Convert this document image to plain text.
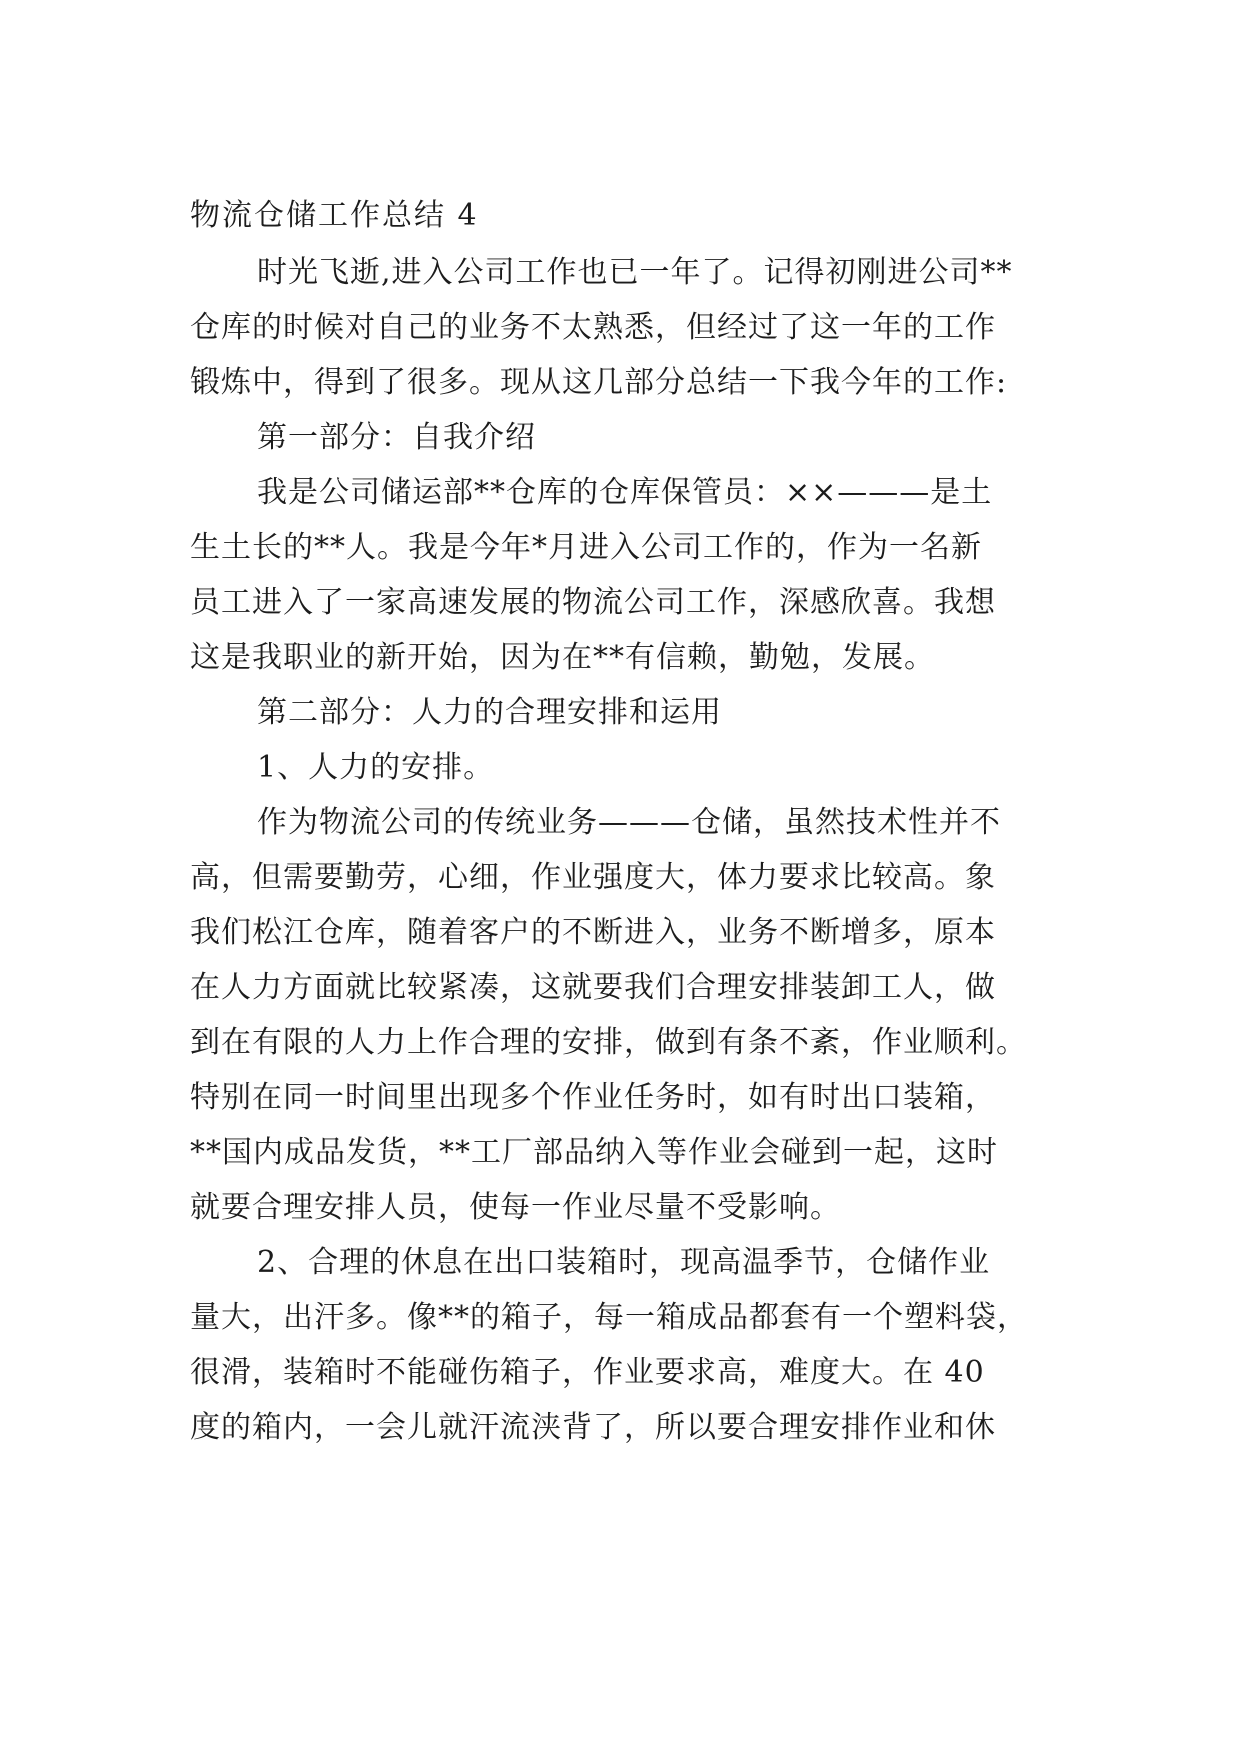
物流仓储工作总结 4
时光飞逝,进入公司工作也已一年了。记得初刚进公司**
仓库的时候对自己的业务不太熟悉，但经过了这一年的工作
锻炼中，得到了很多。现从这几部分总结一下我今年的工作:
第一部分：自我介绍
我是公司储运部**仓库的仓库保管员：××———是土
生土长的**人。我是今年*月进入公司工作的，作为一名新
员工进入了一家高速发展的物流公司工作，深感欣喜。我想
这是我职业的新开始，因为在**有信赖，勤勉，发展。
第二部分：人力的合理安排和运用
1、人力的安排。
作为物流公司的传统业务———仓储，虽然技术性并不
高，但需要勤劳，心细，作业强度大，体力要求比较高。象
我们松江仓库，随着客户的不断进入，业务不断增多，原本
在人力方面就比较紧凑，这就要我们合理安排装卸工人，做
到在有限的人力上作合理的安排，做到有条不紊，作业顺利。
特别在同一时间里出现多个作业任务时，如有时出口装箱，
**国内成品发货，**工厂部品纳入等作业会碰到一起，这时
就要合理安排人员，使每一作业尽量不受影响。
2、合理的休息在出口装箱时，现高温季节，仓储作业
量大，出汗多。像**的箱子，每一箱成品都套有一个塑料袋，
很滑，装箱时不能碰伤箱子，作业要求高，难度大。在 40
度的箱内，一会儿就汗流浃背了，所以要合理安排作业和休
